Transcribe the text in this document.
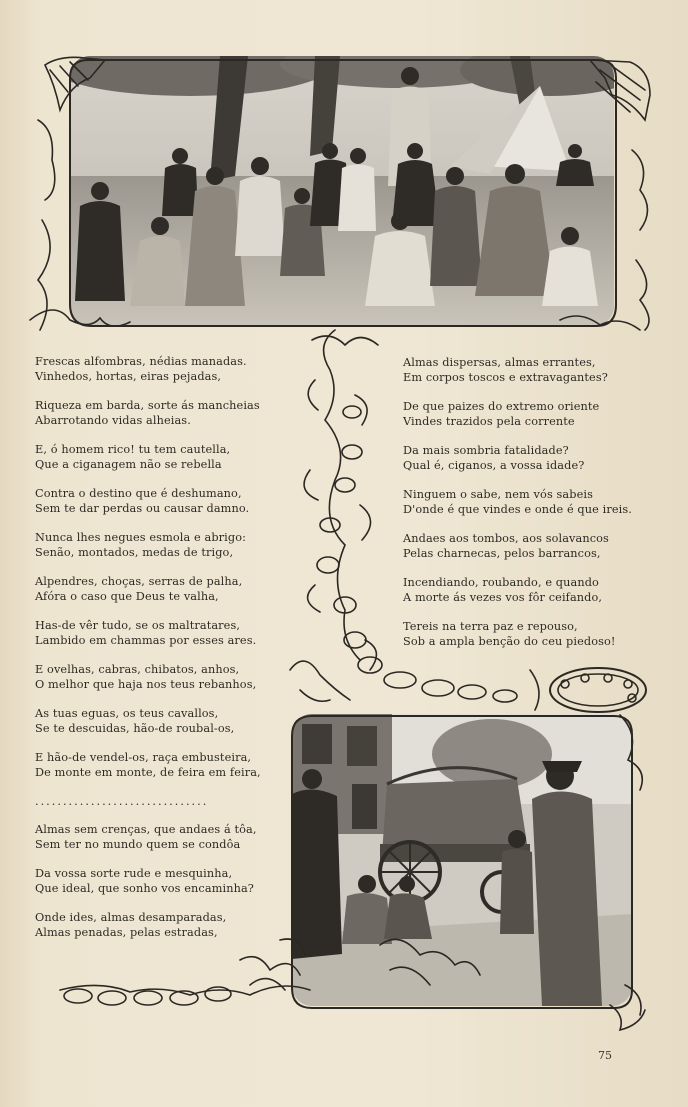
Frescas alfombras, nédias manadas.

Vinhedos, hortas, eiras pejadas,

Riqueza em barda, sorte ás mancheias

Abarrotando vidas alheias.

E, ó homem rico! tu tem cautella,

Que a ciganagem não se rebella

Contra o destino que é deshumano,

Sem te dar perdas ou causar damno.

Nunca lhes negues esmola e abrigo:

Senão, montados, medas de trigo,

Alpendres, choças, serras de palha,

Afóra o caso que Deus te valha,

Has-de vêr tudo, se os maltratares,

Lambido em chammas por esses ares.

E ovelhas, cabras, chibatos, anhos,

O melhor que haja nos teus rebanhos,

As tuas eguas, os teus cavallos,

Se te descuidas, hão-de roubal-os,

E hão-de vendel-os, raça embusteira,

De monte em monte, de feira em feira,

...............................

Almas sem crenças, que andaes á tôa,

Sem ter no mundo quem se condôa

Da vossa sorte rude e mesquinha,

Que ideal, que sonho vos encaminha?

Onde ides, almas desamparadas,

Almas penadas, pelas estradas,

Almas dispersas, almas errantes,

Em corpos toscos e extravagantes?

De que paizes do extremo oriente

Vindes trazidos pela corrente

Da mais sombria fatalidade?

Qual é, ciganos, a vossa idade?

Ninguem o sabe, nem vós sabeis

D'onde é que vindes e onde é que ireis.

Andaes aos tombos, aos solavancos

Pelas charnecas, pelos barrancos,

Incendiando, roubando, e quando

A morte ás vezes vos fôr ceifando,

Tereis na terra paz e repouso,

Sob a ampla benção do ceu piedoso!

75
